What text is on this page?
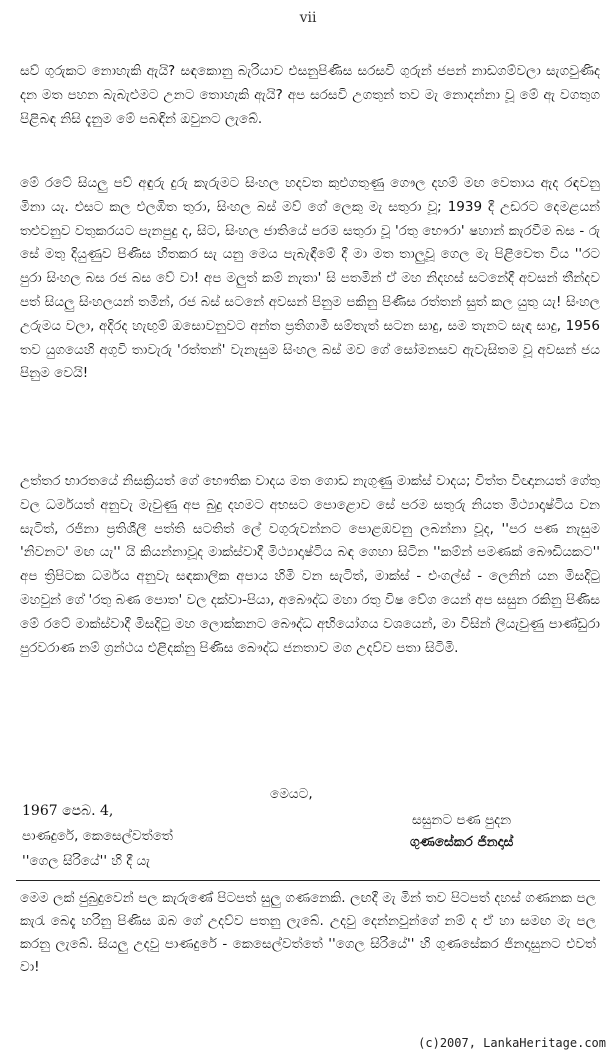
vii

සව් ගුරුකට නොහැකි ඇයි? සඳකොනු බැරියාව එසනුපිණිස සරසවි ගුරුන් ජපන් නාඩගම්වලා සැගවුණිද දන මත පහන බැබැළුමට උනට තොහැකි ඇයි? අප සරසවි උගතුන් තව මැ නොදන්නා වූ මේ ඇ වගතුග පිළිබඳ නිසි දැනුම මේ පබඳින් ඔවුනට ලැබේ.

මේ රටේ සියලු පව් අඳුරු දුරු කැරුමට සිංහල හදවත කුළුගතුණු ගෞල දහම් මඟ වෙතාය ඇද රඳවනු මිනා යැ. එසට කල එලඹිත තුරා, සිංහල බස් මව් ගේ ලෙකු මැ සතුරා වූ; 1939 දී උඩරට දෙමළයන් තළුවනුව වතුකරයට පැනපුදු ද, සිට, සිංහල ජාතියේ පරම සතුරා වූ 'රතු භෞරා' ෂහාන් කැරවීම බස - රු සේ මතු දියුණුව පිණිස හිතකර සැ යනු මෙය පැබැඳීමේ දී මා මත තාලුවූ ගෙල මැ පිළිවෙත විය ''රට පුරා සිංහල බස රජ බස වේ වා! අප මලුත් කම් නැතා' සි පතමින් ඒ මහ නිදහස් සටනේදී අවසන් තීන්දව පත් සියලු සිංහලයන් තමින්, රජ බස් සටනේ අවසන් පිනුම පකිනු පිණිස රත්තන් සුත් කල යුතු යැ! සිංහල උරුමය වලා, අදිරද හැඟුම් ඔසොවනුවට අන්ත ප්‍රතිගාමී සම්තැත් සටන සාදු, සම තැනට සැඳ සාදු, 1956 තව යුගයෙහි අගුවි තාවැරු 'රත්තන්' වැනැසුම සිංහල බස් මව ගේ සෝමනසව ඇවැසිතම වූ අවසන් ජය පිනුම වෙයි!

උත්තර භාරතයේ නිසක්‍රියත් ගේ භෞතික වාදය මත ගොඩ නැගුණු මාක්ස් වාදය; විත්ත විඥානයත් ගේතු වල ධර්මයත් අනුවැ මැවුණු අප බුදු දහමට අභසට පොළොව සේ පරම සතුරු නියත මිථ්‍යාදෘෂ්ටිය වන සැටිත්, රජිනා ප්‍රතිශීලී පත්ති සටතිත් ලේ වගුරුවන්නට පොළඹවනු ලබන්නා වූද, ''පර පණ නැසුම 'නිවනට' මඟ යැ'' යි කියන්නාවූද මාක්ස්වාදී මිථ්‍යාදෘෂ්ටිය බඳ ගෙහා සිටින ''කම්න් පමණක් බෞඩියකට'' අප ත්‍රිපිටක ධර්මය අනුවැ සඳකාලික අපාය හිමි වන සැටිත්, මාක්ස් - එංගල්ස් - ලෙනින් යන මිසදිටු මහවුන් ගේ 'රතු බණ පොත' වල දක්වා-පියා, අබෞද්ධ මහා රතු විෂ වේග යෙන් අප සසුන රකිනු පිණිස මේ රටේ මාක්ස්වාදී මිසදිටු මහ ලොක්කනට බෞද්ධ අභියෝගය වශයෙන්, මා විසින් ලියැවුණු පාණ්ඩුරා පුරවරාණ නම් ග්‍රන්ථය එළිදක්නු පිණිස බෞද්ධ ජනතාව මග උදව්ව පතා සිටිමි.

මෙයට,
1967 පෙබ. 4,
සසුනට පණ පුදන
පාණදුරේ, කෙසෙල්වත්තේ	ගුණසේකර ජිනදාස්
''ගෙල සිරියේ'' හි දී යැ

මෙම ලක් ජුබුදුවෙන් පල කැරුණේ පිටපත් සුලු ගණනෙකි. ලඟදී මැ මින් තව පිටපත් දහස් ගණනක පල කැරැ බෙදැ හරිනු පිණිස ඔබ ගේ උදව්ව පතනු ලැබේ. උදවු දෙන්නවුන්ගේ නම් ද ඒ හා සමඟ මැ පල කරනු ලැබේ. සියලු උදවු පාණදුරේ - කෙසෙල්වත්තේ ''ගෙල සිරියේ'' හි ගුණසේකර ජිනදාසුනට එවත් වා!

(c)2007, LankaHeritage.com
